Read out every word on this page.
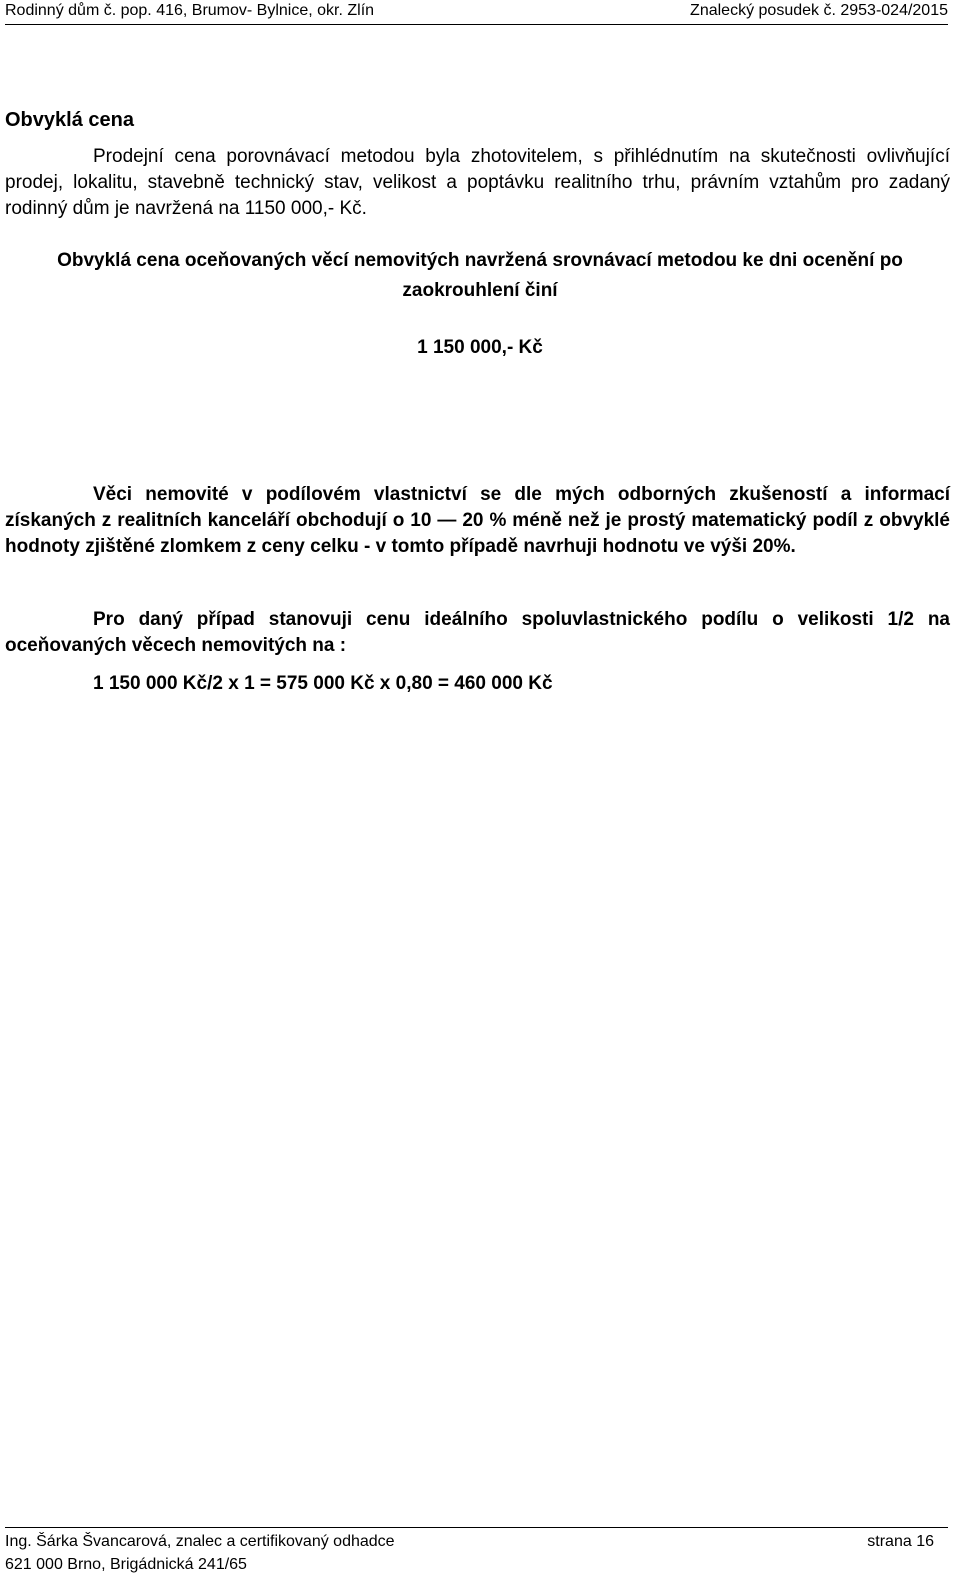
Rodinný dům č. pop. 416, Brumov- Bylnice, okr. Zlín	Znalecký posudek č. 2953-024/2015
Obvyklá cena
Prodejní cena porovnávací metodou byla zhotovitelem, s přihlédnutím na skutečnosti ovlivňující prodej, lokalitu, stavebně technický stav, velikost a poptávku realitního trhu, právním vztahům pro zadaný rodinný dům je navržená na 1150 000,- Kč.
Obvyklá cena oceňovaných věcí nemovitých navržená srovnávací metodou ke dni ocenění po
zaokrouhlení činí
1 150 000,- Kč
Věci nemovité v podílovém vlastnictví se dle mých odborných zkušeností a informací získaných z realitních kanceláří obchodují o 10 — 20 % méně než je prostý matematický podíl z obvyklé hodnoty zjištěné zlomkem z ceny celku - v tomto případě navrhuji hodnotu ve výši 20%.
Pro daný případ stanovuji cenu ideálního spoluvlastnického podílu o velikosti 1/2 na oceňovaných věcech nemovitých na :
1 150 000 Kč/2 x 1 = 575 000 Kč x 0,80 = 460 000 Kč
Ing. Šárka Švancarová, znalec a certifikovaný odhadce	strana 16
621 000 Brno, Brigádnická 241/65
